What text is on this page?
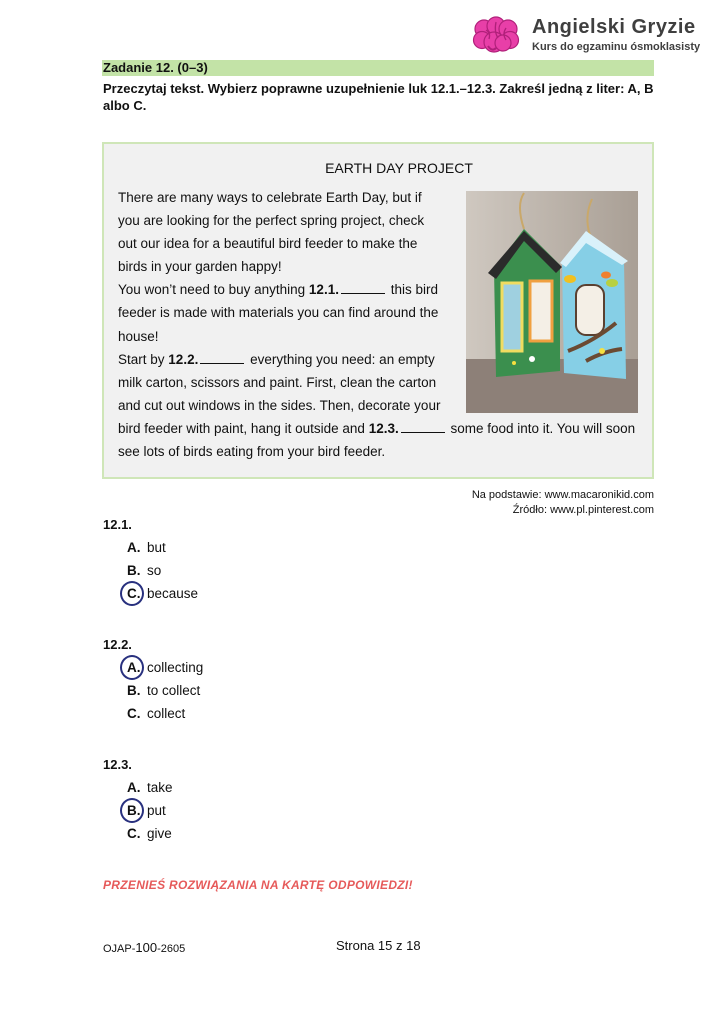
Angielski Gryzie
Kurs do egzaminu ósmoklasisty
Zadanie 12. (0–3)
Przeczytaj tekst. Wybierz poprawne uzupełnienie luk 12.1.–12.3. Zakreśl jedną z liter: A, B albo C.
EARTH DAY PROJECT

There are many ways to celebrate Earth Day, but if you are looking for the perfect spring project, check out our idea for a beautiful bird feeder to make the birds in your garden happy!

You won’t need to buy anything 12.1.	this bird feeder is made with materials you can find around the house!

Start by 12.2.	everything you need: an empty milk carton, scissors and paint. First, clean the carton and cut out windows in the sides. Then, decorate your bird feeder with paint, hang it outside and 12.3.	some food into it. You will soon see lots of birds eating from your bird feeder.

Na podstawie: www.macaronikid.com
Źródło: www.pl.pinterest.com
12.1.
A. but
B. so
C. because
12.2.
A. collecting
B. to collect
C. collect
12.3.
A. take
B. put
C. give
PRZENIEŚ ROZWIĄZANIA NA KARTĘ ODPOWIEDZI!
OJAP-100-2605	Strona 15 z 18
